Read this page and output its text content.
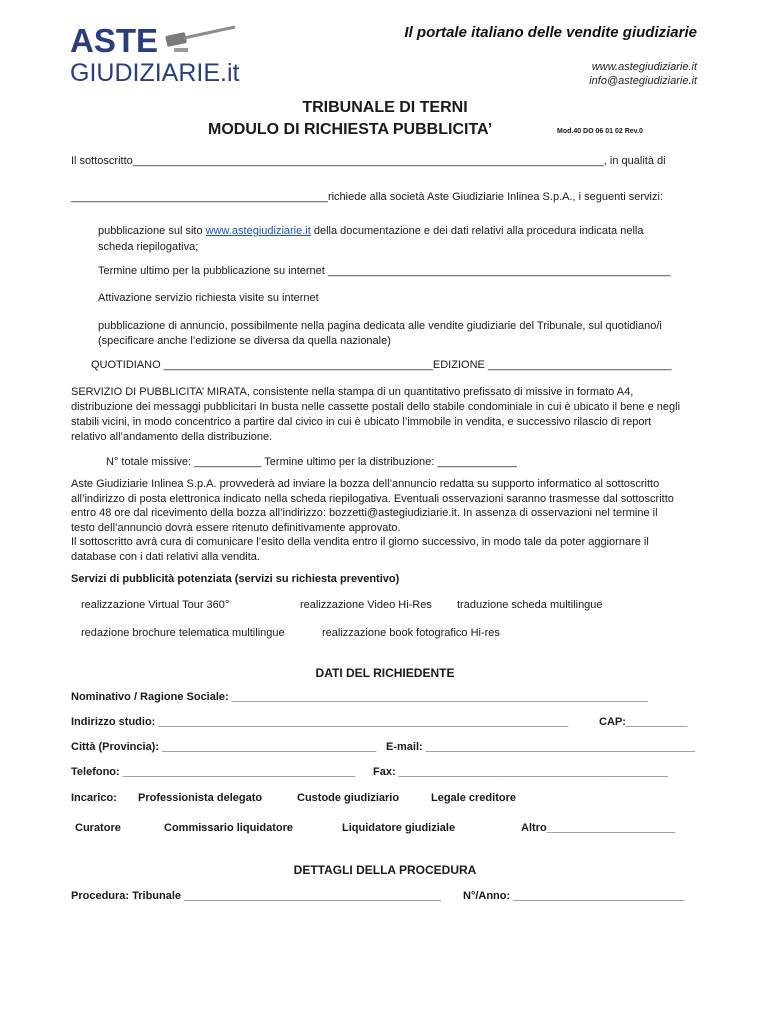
ASTE
GIUDIZIARIE.it
Il portale italiano delle vendite giudiziarie
www.astegiudiziarie.it
info@astegiudiziarie.it
TRIBUNALE DI TERNI
MODULO DI RICHIESTA PUBBLICITA’	Mod.40 DO 06 01 02 Rev.0
Il sottoscritto_____________________________________________________________________________, in qualità di
__________________________________________richiede alla società Aste Giudiziarie Inlinea S.p.A., i seguenti servizi:
pubblicazione sul sito www.astegiudiziarie.it della documentazione e dei dati relativi alla procedura indicata nella
scheda riepilogativa;
Termine ultimo per la pubblicazione su internet ________________________________________________________
Attivazione servizio richiesta visite su internet
pubblicazione di annuncio, possibilmente nella pagina dedicata alle vendite giudiziarie del Tribunale, sul quotidiano/i
(specificare anche l’edizione se diversa da quella nazionale)
QUOTIDIANO ____________________________________________EDIZIONE ______________________________
SERVIZIO DI PUBBLICITA’ MIRATA, consistente nella stampa di un quantitativo prefissato di missive in formato A4,
distribuzione dei messaggi pubblicitari In busta nelle cassette postali dello stabile condominiale in cui è ubicato il bene e negli
stabili vicini, in modo concentrico a partire dal civico in cui è ubicato l’immobile in vendita, e successivo rilascio di report
relativo all’andamento della distribuzione.
N° totale missive: ___________ Termine ultimo per la distribuzione: _____________
Aste Giudiziarie Inlinea S.p.A. provvederà ad inviare la bozza dell’annuncio redatta su supporto informatico al sottoscritto
all’indirizzo di posta elettronica indicato nella scheda riepilogativa. Eventuali osservazioni saranno trasmesse dal sottoscritto
entro 48 ore dal ricevimento della bozza all’indirizzo: bozzetti@astegiudiziarie.it. In assenza di osservazioni nel termine il
testo dell’annuncio dovrà essere ritenuto definitivamente approvato.
Il sottoscritto avrà cura di comunicare l’esito della vendita entro il giorno successivo, in modo tale da poter aggiornare il
database con i dati relativi alla vendita.
Servizi di pubblicità potenziata (servizi su richiesta preventivo)
realizzazione Virtual Tour 360°	realizzazione Video Hi-Res traduzione scheda multilingue
redazione brochure telematica multilingue	realizzazione book fotografico Hi-res
DATI DEL RICHIEDENTE
Nominativo / Ragione Sociale: ____________________________________________________________________
Indirizzo studio: ___________________________________________________________________	CAP:__________
Città (Provincia): ___________________________________ E-mail: ____________________________________________
Telefono: ______________________________________ Fax: ____________________________________________
Incarico: Professionista delegato	Custode giudiziario	Legale creditore
Curatore	Commissario liquidatore	Liquidatore giudiziale	Altro_____________________
DETTAGLI DELLA PROCEDURA
Procedura: Tribunale __________________________________________ N°/Anno: ____________________________
